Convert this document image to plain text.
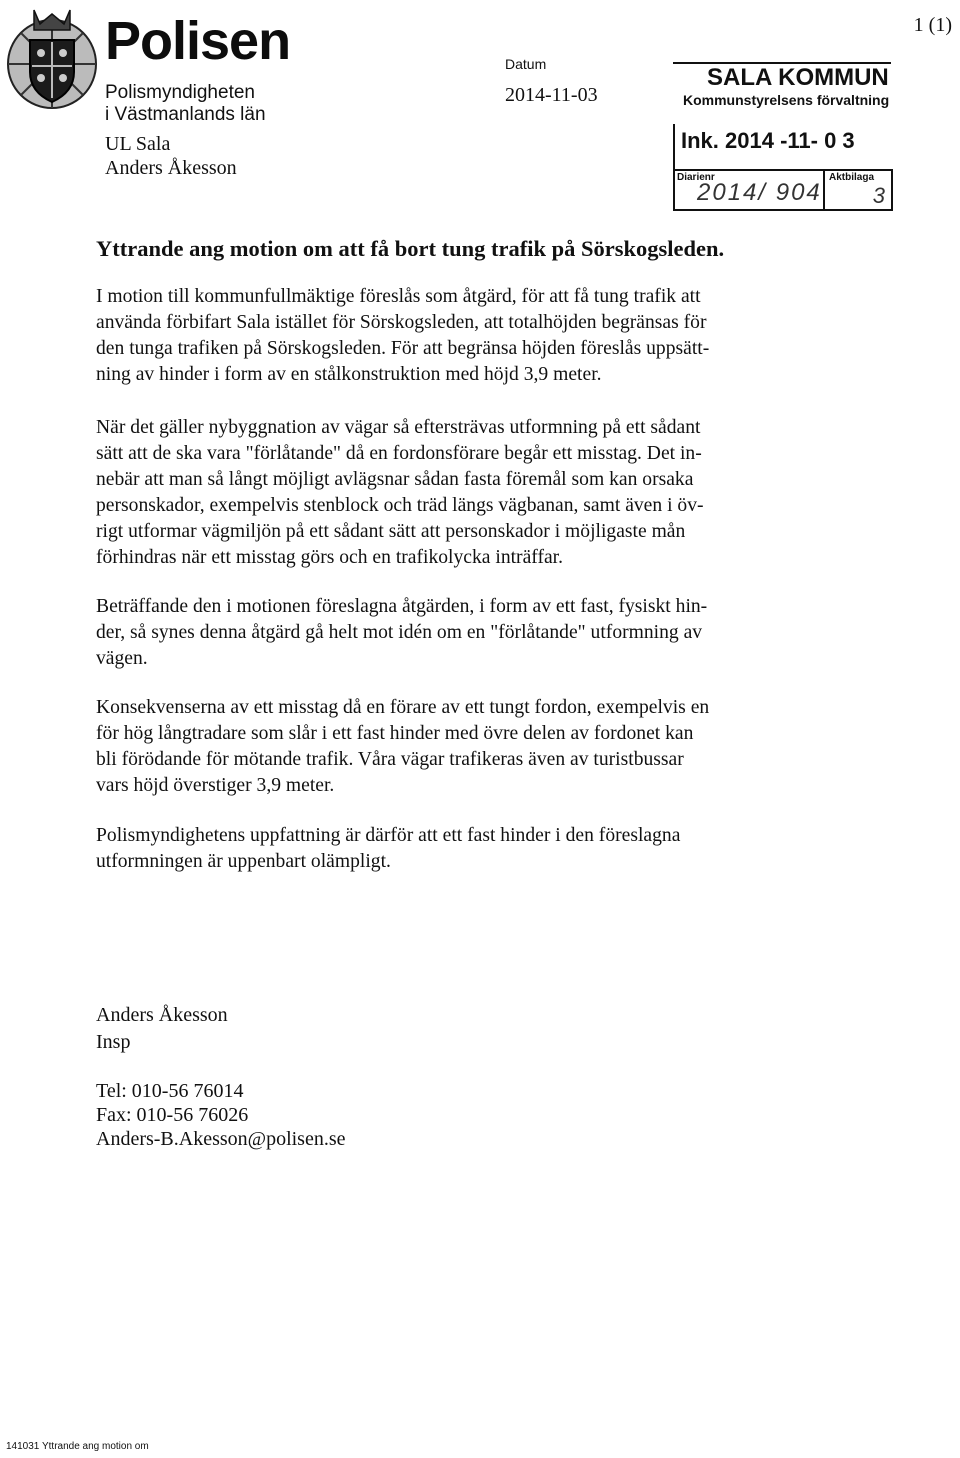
Polisen
Polismyndigheten
i Västmanlands län
UL Sala
Anders Åkesson
1 (1)
Datum
2014-11-03
SALA KOMMUN
Kommunstyrelsens förvaltning
Ink. 2014 -11- 0 3
Diarienr
2014/ 904
Aktbilaga
3
Yttrande ang motion om att få bort tung trafik på Sörskogsleden.
I motion till kommunfullmäktige föreslås som åtgärd, för att få tung trafik att
använda förbifart Sala istället för Sörskogsleden, att totalhöjden begränsas för
den tunga trafiken på Sörskogsleden. För att begränsa höjden föreslås uppsätt-
ning av hinder i form av en stålkonstruktion med höjd 3,9 meter.
När det gäller nybyggnation av vägar så eftersträvas utformning på ett sådant
sätt att de ska vara "förlåtande" då en fordonsförare begår ett misstag. Det in-
nebär att man så långt möjligt avlägsnar sådan fasta föremål som kan orsaka
personskador, exempelvis stenblock och träd längs vägbanan, samt även i öv-
rigt utformar vägmiljön på ett sådant sätt att personskador i möjligaste mån
förhindras när ett misstag görs och en trafikolycka inträffar.
Beträffande den i motionen föreslagna åtgärden, i form av ett fast, fysiskt hin-
der, så synes denna åtgärd gå helt mot idén om en "förlåtande" utformning av
vägen.
Konsekvenserna av ett misstag då en förare av ett tungt fordon, exempelvis en
för hög långtradare som slår i ett fast hinder med övre delen av fordonet kan
bli förödande för mötande trafik. Våra vägar trafikeras även av turistbussar
vars höjd överstiger 3,9 meter.
Polismyndighetens uppfattning är därför att ett fast hinder i den föreslagna
utformningen är uppenbart olämpligt.
Anders Åkesson
Insp
Tel: 010-56 76014
Fax: 010-56 76026
Anders-B.Akesson@polisen.se
141031 Yttrande ang motion om
